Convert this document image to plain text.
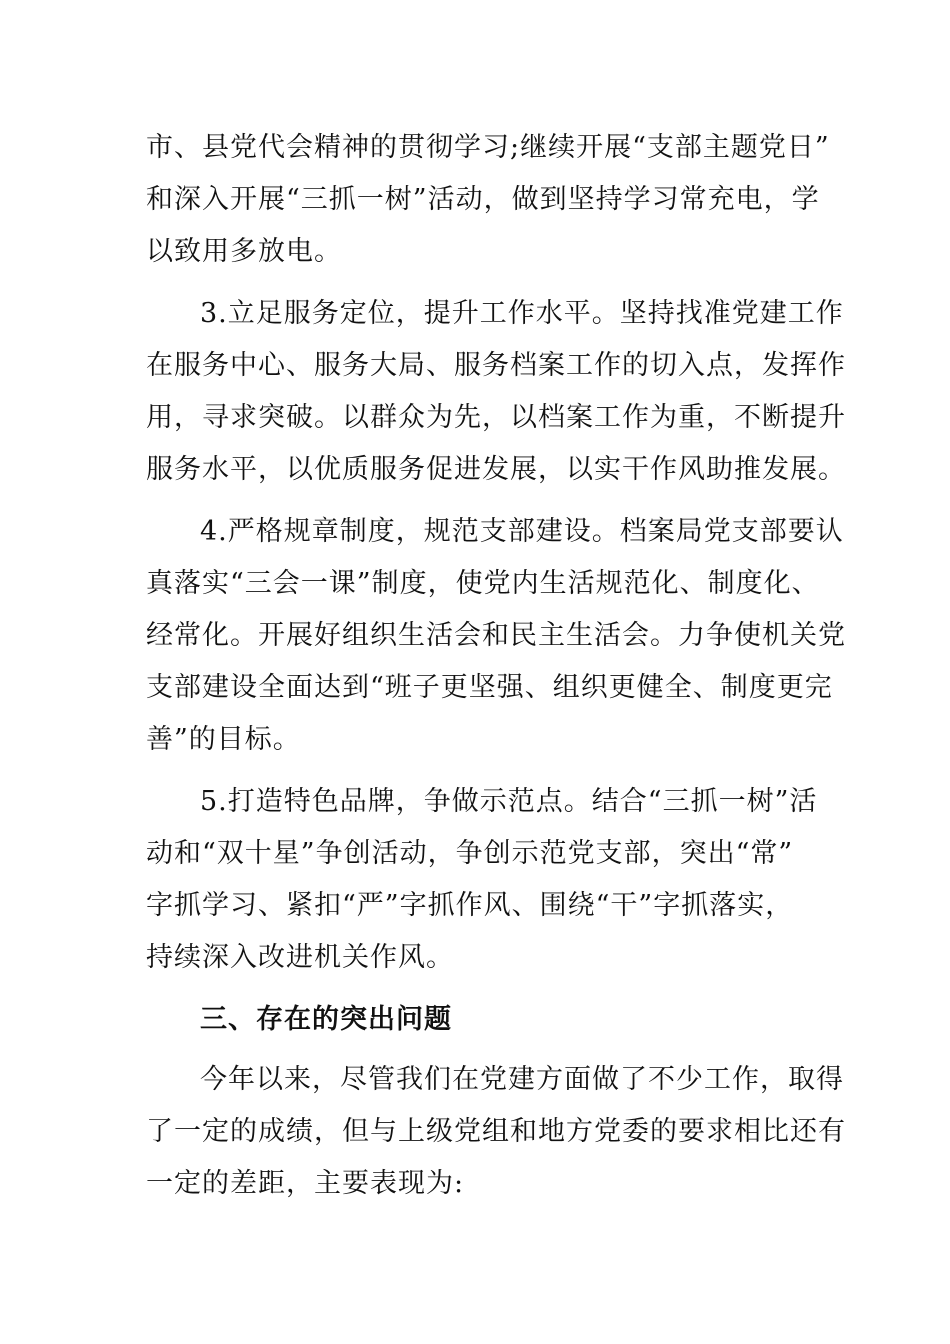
市、县党代会精神的贯彻学习;继续开展“支部主题党日”
和深入开展“三抓一树”活动，做到坚持学习常充电，学
以致用多放电。

3.立足服务定位，提升工作水平。坚持找准党建工作
在服务中心、服务大局、服务档案工作的切入点，发挥作
用，寻求突破。以群众为先，以档案工作为重，不断提升
服务水平，以优质服务促进发展，以实干作风助推发展。

4.严格规章制度，规范支部建设。档案局党支部要认
真落实“三会一课”制度，使党内生活规范化、制度化、
经常化。开展好组织生活会和民主生活会。力争使机关党
支部建设全面达到“班子更坚强、组织更健全、制度更完
善”的目标。

5.打造特色品牌，争做示范点。结合“三抓一树”活
动和“双十星”争创活动，争创示范党支部，突出“常”
字抓学习、紧扣“严”字抓作风、围绕“干”字抓落实，
持续深入改进机关作风。

三、存在的突出问题

今年以来，尽管我们在党建方面做了不少工作，取得
了一定的成绩，但与上级党组和地方党委的要求相比还有
一定的差距，主要表现为:
